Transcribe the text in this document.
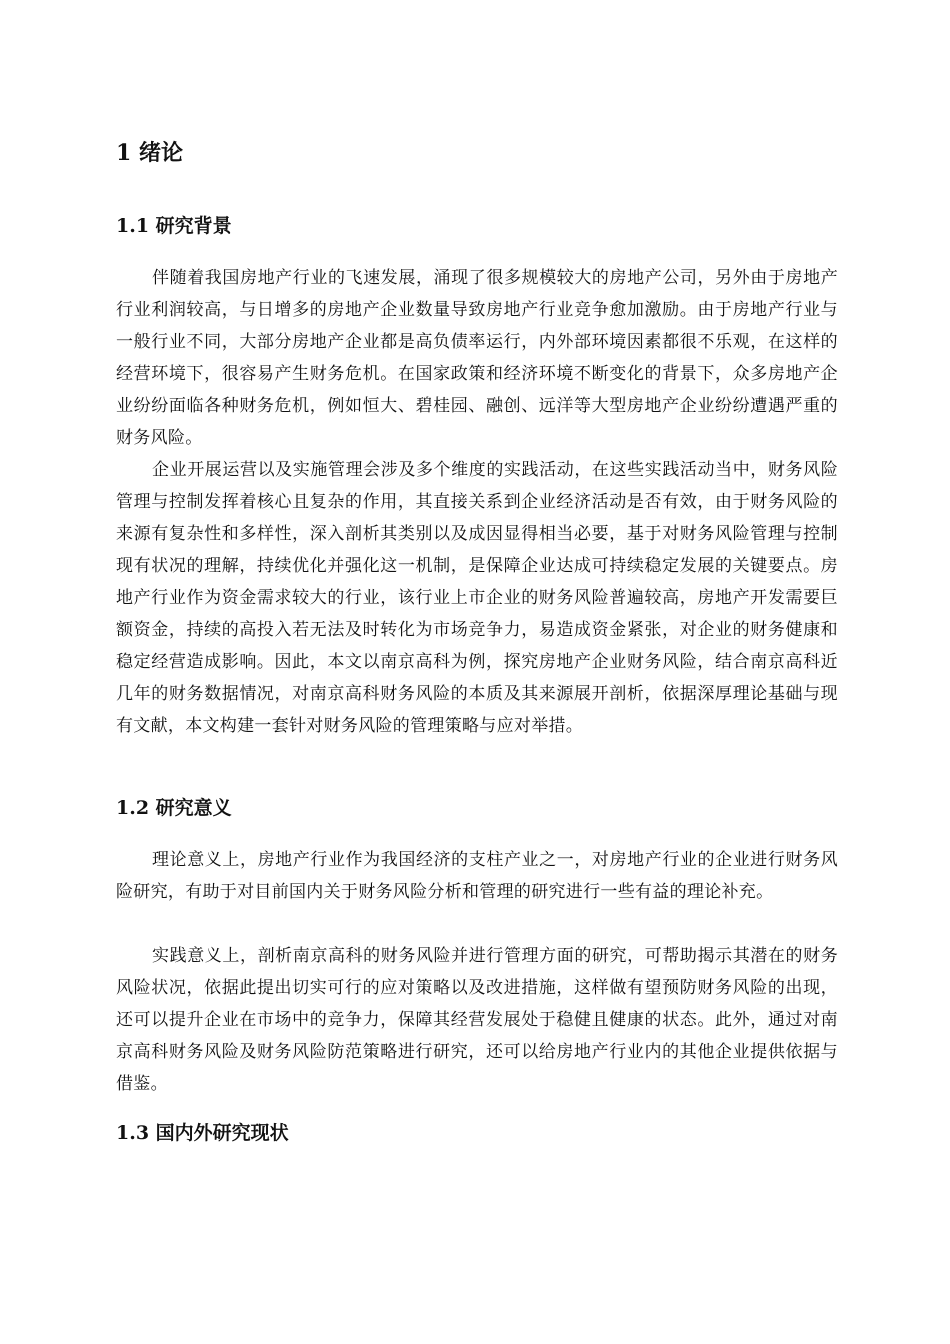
1 绪论
1.1 研究背景

伴随着我国房地产行业的飞速发展，涌现了很多规模较大的房地产公司，另外由于房地产行业利润较高，与日增多的房地产企业数量导致房地产行业竞争愈加激励。由于房地产行业与一般行业不同，大部分房地产企业都是高负债率运行，内外部环境因素都很不乐观，在这样的经营环境下，很容易产生财务危机。在国家政策和经济环境不断变化的背景下，众多房地产企业纷纷面临各种财务危机，例如恒大、碧桂园、融创、远洋等大型房地产企业纷纷遭遇严重的财务风险。

企业开展运营以及实施管理会涉及多个维度的实践活动，在这些实践活动当中，财务风险管理与控制发挥着核心且复杂的作用，其直接关系到企业经济活动是否有效，由于财务风险的来源有复杂性和多样性，深入剖析其类别以及成因显得相当必要，基于对财务风险管理与控制现有状况的理解，持续优化并强化这一机制，是保障企业达成可持续稳定发展的关键要点。房地产行业作为资金需求较大的行业，该行业上市企业的财务风险普遍较高，房地产开发需要巨额资金，持续的高投入若无法及时转化为市场竞争力，易造成资金紧张，对企业的财务健康和稳定经营造成影响。因此，本文以南京高科为例，探究房地产企业财务风险，结合南京高科近几年的财务数据情况，对南京高科财务风险的本质及其来源展开剖析，依据深厚理论基础与现有文献，本文构建一套针对财务风险的管理策略与应对举措。

1.2 研究意义

理论意义上，房地产行业作为我国经济的支柱产业之一，对房地产行业的企业进行财务风险研究，有助于对目前国内关于财务风险分析和管理的研究进行一些有益的理论补充。

实践意义上，剖析南京高科的财务风险并进行管理方面的研究，可帮助揭示其潜在的财务风险状况，依据此提出切实可行的应对策略以及改进措施，这样做有望预防财务风险的出现，还可以提升企业在市场中的竞争力，保障其经营发展处于稳健且健康的状态。此外，通过对南京高科财务风险及财务风险防范策略进行研究，还可以给房地产行业内的其他企业提供依据与借鉴。

1.3 国内外研究现状
